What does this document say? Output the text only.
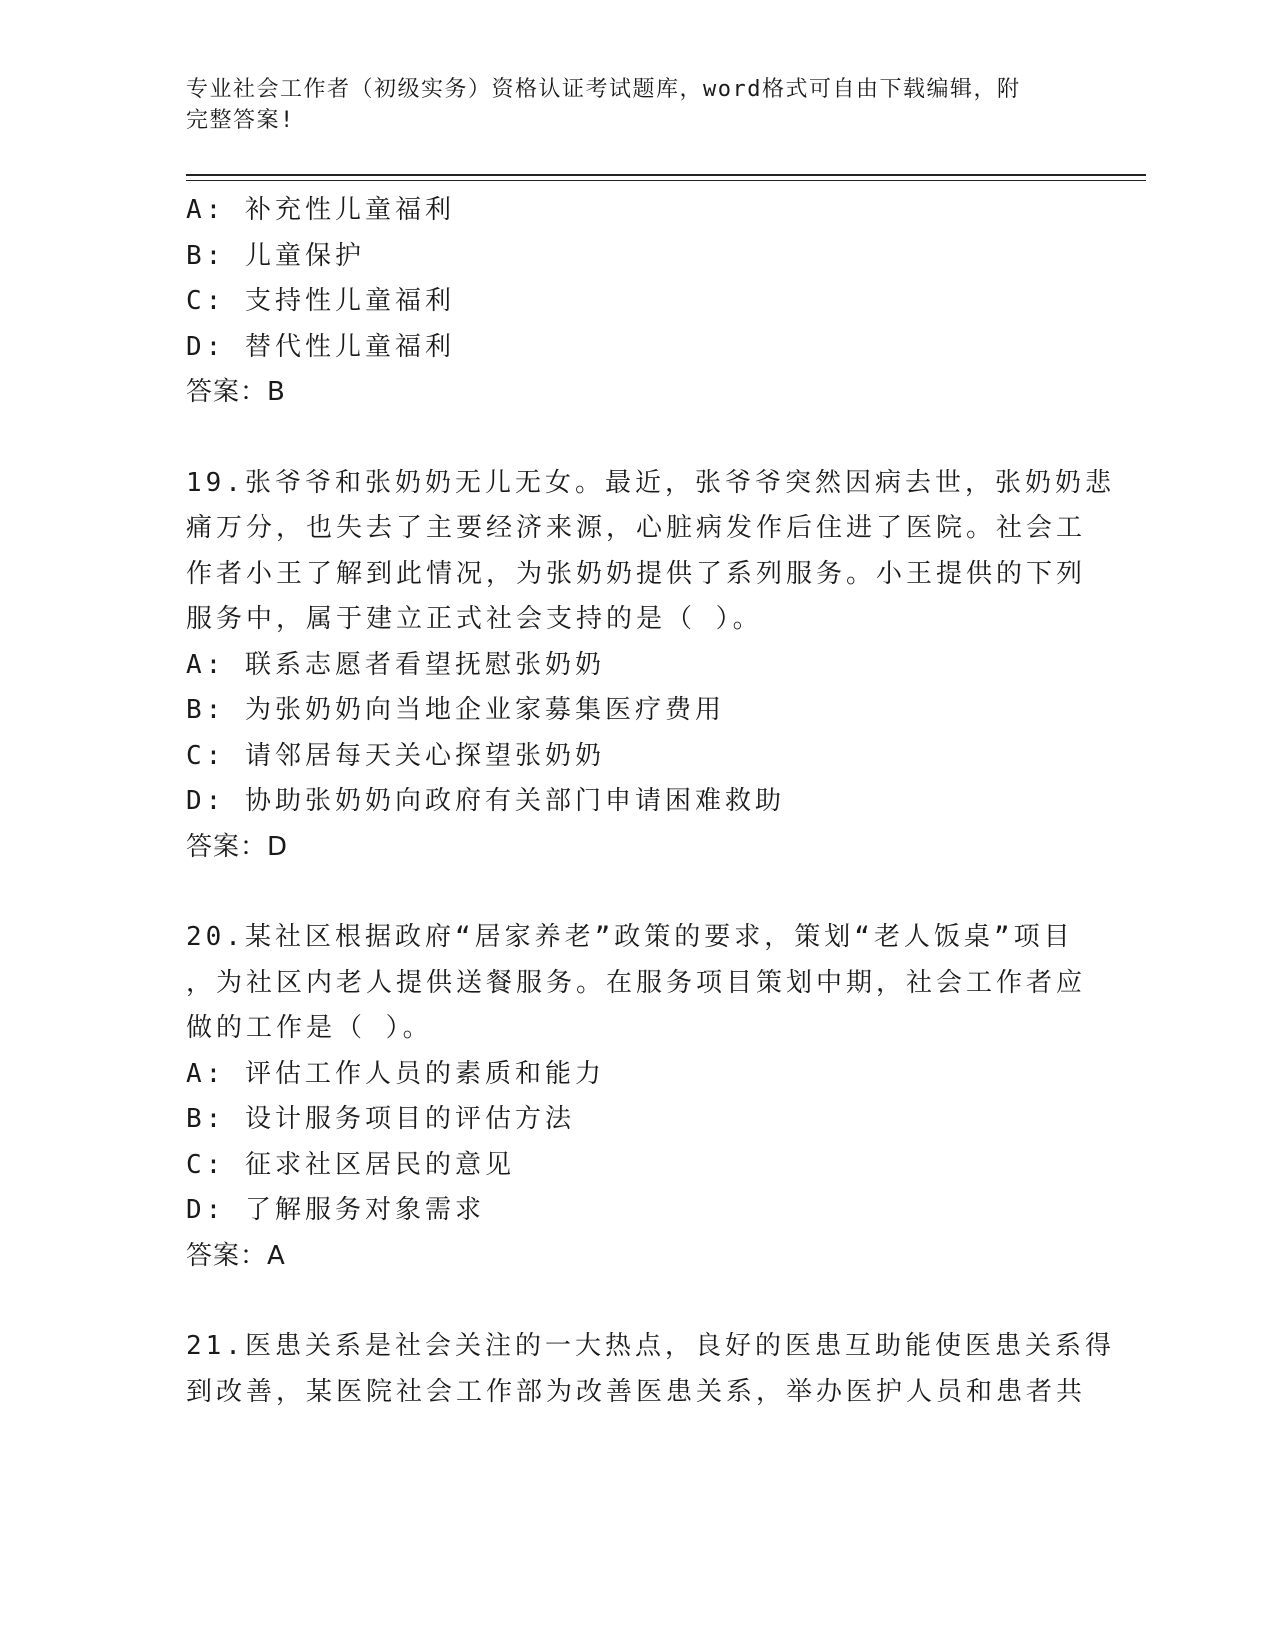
专业社会工作者（初级实务）资格认证考试题库，word格式可自由下载编辑，附
完整答案!
A: 补充性儿童福利
B: 儿童保护
C: 支持性儿童福利
D: 替代性儿童福利
答案：B
19.张爷爷和张奶奶无儿无女。最近，张爷爷突然因病去世，张奶奶悲
痛万分，也失去了主要经济来源，心脏病发作后住进了医院。社会工
作者小王了解到此情况，为张奶奶提供了系列服务。小王提供的下列
服务中，属于建立正式社会支持的是（ ）。
A: 联系志愿者看望抚慰张奶奶
B: 为张奶奶向当地企业家募集医疗费用
C: 请邻居每天关心探望张奶奶
D: 协助张奶奶向政府有关部门申请困难救助
答案：D
20.某社区根据政府“居家养老”政策的要求，策划“老人饭桌”项目
，为社区内老人提供送餐服务。在服务项目策划中期，社会工作者应
做的工作是（ ）。
A: 评估工作人员的素质和能力
B: 设计服务项目的评估方法
C: 征求社区居民的意见
D: 了解服务对象需求
答案：A
21.医患关系是社会关注的一大热点，良好的医患互助能使医患关系得
到改善，某医院社会工作部为改善医患关系，举办医护人员和患者共
